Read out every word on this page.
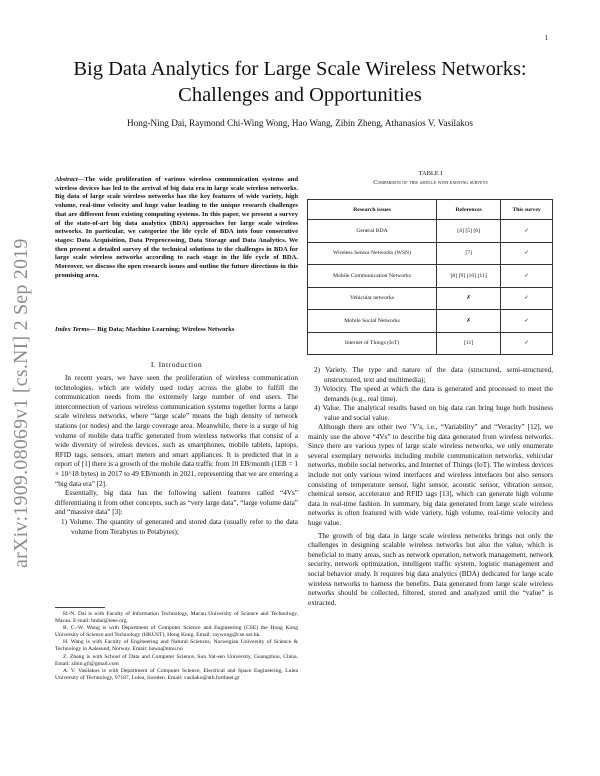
1
arXiv:1909.08069v1 [cs.NI] 2 Sep 2019
Big Data Analytics for Large Scale Wireless Networks: Challenges and Opportunities
Hong-Ning Dai, Raymond Chi-Wing Wong, Hao Wang, Zibin Zheng, Athanasios V. Vasilakos
Abstract—The wide proliferation of various wireless communication systems and wireless devices has led to the arrival of big data era in large scale wireless networks. Big data of large scale wireless networks has the key features of wide variety, high volume, real-time velocity and huge value leading to the unique research challenges that are different from existing computing systems. In this paper, we present a survey of the state-of-art big data analytics (BDA) approaches for large scale wireless networks. In particular, we categorize the life cycle of BDA into four consecutive stages: Data Acquisition, Data Preprocessing, Data Storage and Data Analytics. We then present a detailed survey of the technical solutions to the challenges in BDA for large scale wireless networks according to each stage in the life cycle of BDA. Moreover, we discuss the open research issues and outline the future directions in this promising area.
Index Terms— Big Data; Machine Learning; Wireless Networks
I. Introduction

In recent years, we have seen the proliferation of wireless communication technologies, which are widely used today across the globe to fulfill the communication needs from the extremely large number of end users. The interconnection of various wireless communication systems together forms a large scale wireless networks, where “large scale” means the high density of network stations (or nodes) and the large coverage area. Meanwhile, there is a surge of big volume of mobile data traffic generated from wireless networks that consist of a wide diversity of wireless devices, such as smartphones, mobile tablets, laptops, RFID tags, sensors, smart meters and smart appliances. It is predicted that in a report of [1] there is a growth of the mobile data traffic from 10 EB/month (1EB = 1 × 10^18 bytes) in 2017 to 49 EB/month in 2021, representing that we are entering a “big data era” [2].

Essentially, big data has the following salient features called “4Vs” differentiating it from other concepts, such as “very large data”, “large volume data” and “massive data” [3]:

1) Volume. The quantity of generated and stored data (usually refer to the data volume from Terabytes to Petabytes);

H.-N. Dai is with Faculty of Information Technology, Macau University of Science and Technology, Macau. E-mail: hndai@ieee.org.

R. C.-W. Wong is with Department of Computer Science and Engineering (CSE) the Hong Kong University of Science and Technology (HKUST), Hong Kong. Email: raywong@cse.ust.hk.

H. Wang is with Faculty of Engineering and Natural Sciences, Norwegian University of Science & Technology in Aalesund, Norway. Email: hawa@ntnu.no

Z. Zheng is with School of Data and Computer Science, Sun Yat-sen University, Guangzhou, China. Email: zibin.gil@gmail.com

A. V. Vasilakos is with Department of Computer Science, Electrical and Space Engineering, Lulea University of Technology, 97187, Lulea, Sweden. Email: vasilako@ath.forthnet.gr

TABLE I
Comparison of this article with existing surveys
Research issues	References	This survey
General BDA	[4] [5] [6]	✓
Wireless Sensor Networks (WSN)	[7]	✓
Mobile Communication Networks	[8] [9] [10] [11]	✓
Vehicular networks	✗	✓
Mobile Social Networks	✗	✓
Internet of Things (IoT)	[11]	✓
2) Variety. The type and nature of the data (structured, semi-structured, unstructured, text and multimedia);
3) Velocity. The speed at which the data is generated and processed to meet the demands (e.g., real time).
4) Value. The analytical results based on big data can bring huge both business value and social value.

Although there are other two ’V’s, i.e., “Variability” and “Veracity” [12], we mainly use the above “4Vs” to describe big data generated from wireless networks. Since there are various types of large scale wireless networks, we only enumerate several exemplary networks including mobile communication networks, vehicular networks, mobile social networks, and Internet of Things (IoT). The wireless devices include not only various wired interfaces and wireless interfaces but also sensors consisting of temperature sensor, light sensor, acoustic sensor, vibration sensor, chemical sensor, accelerator and RFID tags [13], which can generate high volume data in real-time fashion. In summary, big data generated from large scale wireless networks is often featured with wide variety, high volume, real-time velocity and huge value.

The growth of big data in large scale wireless networks brings not only the challenges in designing scalable wireless networks but also the value, which is beneficial to many areas, such as network operation, network management, network security, network optimization, intelligent traffic system, logistic management and social behavior study. It requires big data analytics (BDA) dedicated for large scale wireless networks to harness the benefits. Data generated from large scale wireless networks should be collected, filtered, stored and analyzed until the “value” is extracted.
